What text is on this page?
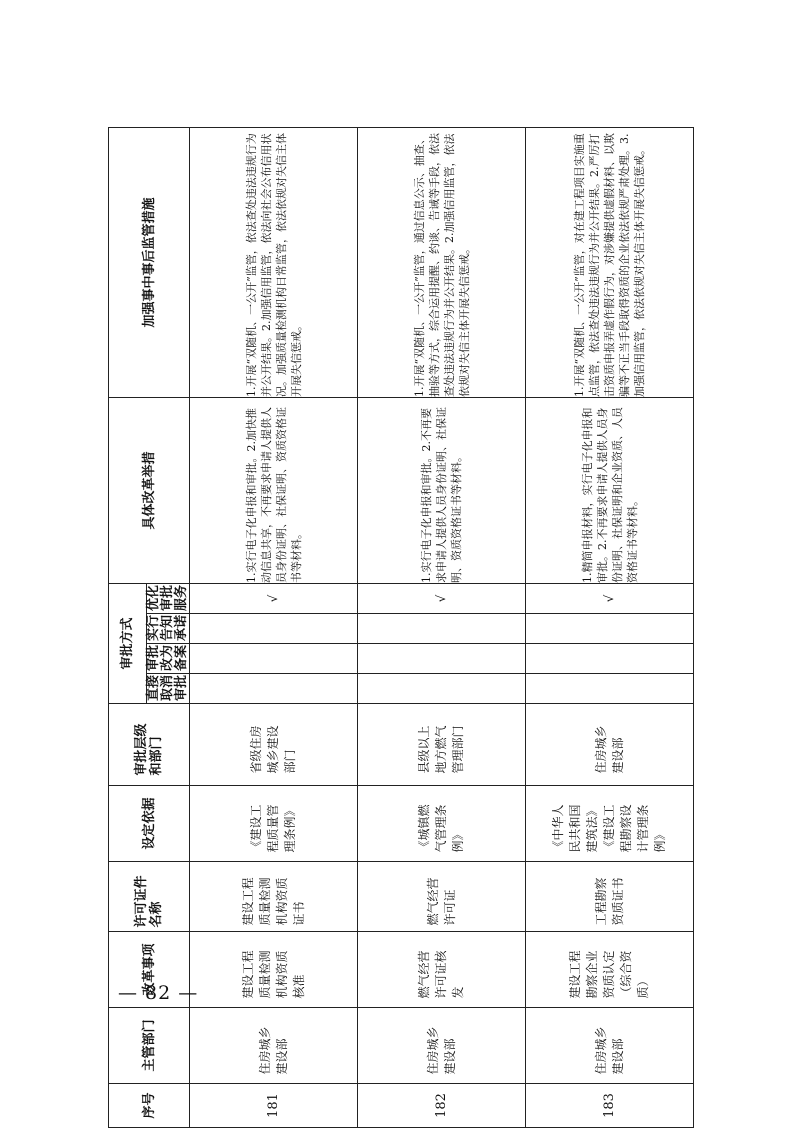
序号	主管部门	改革事项	许可证件名称	设定依据	审批层级和部门	审批方式				具体改革举措	加强事中事后监管措施
						直接取消审批	审批改为备案	实行告知承诺	优化审批服务		
181	住房城乡建设部	建设工程质量检测机构资质核准	建设工程质量检测机构资质证书	《建设工程质量管理条例》	省级住房城乡建设部门				√	1.实行电子化申报和审批。2.加快推动信息共享，不再要求申请人提供人员身份证明、社保证明、资质资格证书等材料。	1.开展“双随机、一公开”监管，依法查处违法违规行为并公开结果。2.加强信用监管，依法向社会公布信用状况。加强质量检测机构日常监管，依法依规对失信主体开展失信惩戒。
182	住房城乡建设部	燃气经营许可证核发	燃气经营许可证	《城镇燃气管理条例》	县级以上地方燃气管理部门				√	1.实行电子化申报和审批。2.不再要求申请人提供人员身份证明、社保证明、资质资格证书等材料。	1.开展“双随机、一公开”监管，通过信息公示、抽查、抽验等方式，综合运用提醒、约谈、告诫等手段，依法查处违法违规行为并公开结果。2.加强信用监管，依法依规对失信主体开展失信惩戒。
183	住房城乡建设部	建设工程勘察企业资质认定（综合资质）	工程勘察资质证书	《中华人民共和国建筑法》《建设工程勘察设计管理条例》	住房城乡建设部				√	1.精简申报材料，实行电子化申报和审批。2.不再要求申请人提供人员身份证明、社保证明和企业资质、人员资格证书等材料。	1.开展“双随机、一公开”监管，对在建工程项目实施重点监管，依法查处违法违规行为并公开结果。2.严厉打击资质申报弄虚作假行为，对涉嫌提供虚假材料、以欺骗等不正当手段取得资质的企业依法依规严肃处理。3.加强信用监管，依法依规对失信主体开展失信惩戒。
— 82 —
